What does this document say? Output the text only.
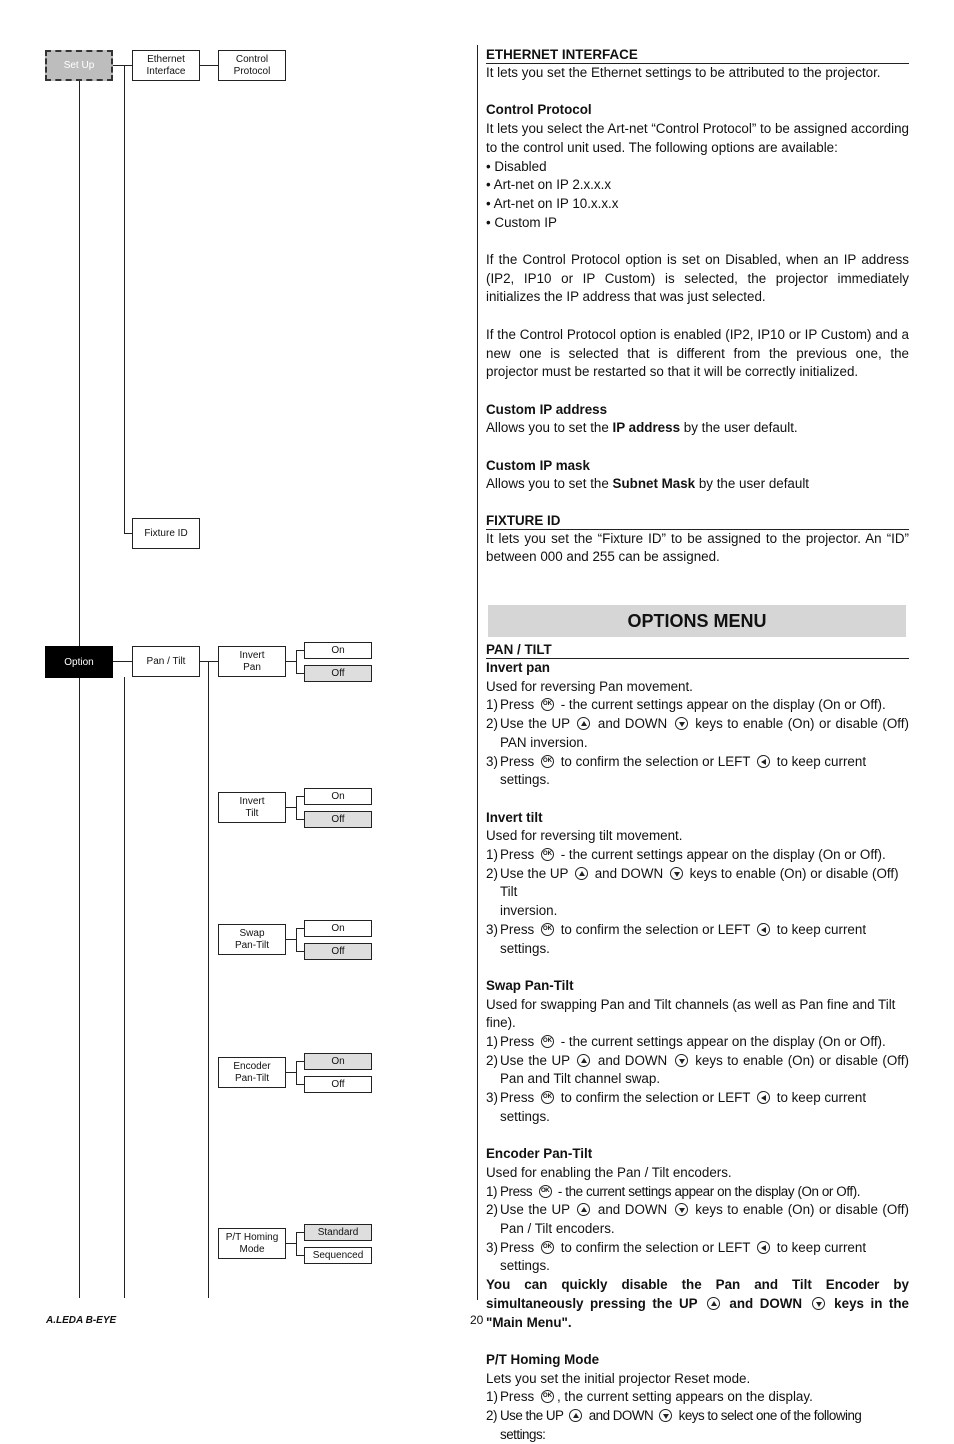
Set Up
Ethernet
Interface
Control
Protocol
Fixture ID
Option	Pan / Tilt
Invert
Pan
On
Off
Invert
Tilt
On
Off
Swap
Pan-Tilt
On
Off
Encoder
Pan-Tilt
On
Off
P/T Homing
Mode
Standard
Sequenced

ETHERNET INTERFACE

It lets you set the Ethernet settings to be attributed to the projector.

Control Protocol

It lets you select the Art-net “Control Protocol” to be assigned according to the control unit used. The following options are available:

• Disabled

• Art-net on IP 2.x.x.x

• Art-net on IP 10.x.x.x

• Custom IP

If the Control Protocol option is set on Disabled, when an IP address (IP2, IP10 or IP Custom) is selected, the projector immediately initializes the IP address that was just selected.

If the Control Protocol option is enabled (IP2, IP10 or IP Custom) and a new one is selected that is different from the previous one, the projector must be restarted so that it will be correctly initialized.

Custom IP address

Allows you to set the IP address by the user default.

Custom IP mask

Allows you to set the Subnet Mask by the user default

FIXTURE ID

It lets you set the “Fixture ID” to be assigned to the projector. An “ID” between 000 and 255 can be assigned.

OPTIONS MENU

PAN / TILT

Invert pan

Used for reversing Pan movement.

1) Press OK - the current settings appear on the display (On or Off).
2) Use the UP and DOWN keys to enable (On) or disable (Off)

PAN inversion.

3) Press OK to confirm the selection or LEFT to keep current settings.

Invert tilt

Used for reversing tilt movement.

1) Press OK - the current settings appear on the display (On or Off).
2) Use the UP and DOWN keys to enable (On) or disable (Off) Tilt

inversion.

3) Press OK to confirm the selection or LEFT to keep current settings.

Swap Pan-Tilt

Used for swapping Pan and Tilt channels (as well as Pan fine and Tilt fine).

1) Press OK - the current settings appear on the display (On or Off).
2) Use the UP and DOWN keys to enable (On) or disable (Off)

Pan and Tilt channel swap.

3) Press OK to confirm the selection or LEFT to keep current settings.

Encoder Pan-Tilt

Used for enabling the Pan / Tilt encoders.

1) Press OK - the current settings appear on the display (On or Off).
2) Use the UP and DOWN keys to enable (On) or disable (Off)

Pan / Tilt encoders.

3) Press OK to confirm the selection or LEFT to keep current settings.

You can quickly disable the Pan and Tilt Encoder by simultaneously pressing the UP and DOWN keys in the "Main Menu".

P/T Homing Mode

Lets you set the initial projector Reset mode.

1) Press OK , the current setting appears on the display.
2) Use the UP and DOWN keys to select one of the following settings:
A.LEDA B-EYE	20
